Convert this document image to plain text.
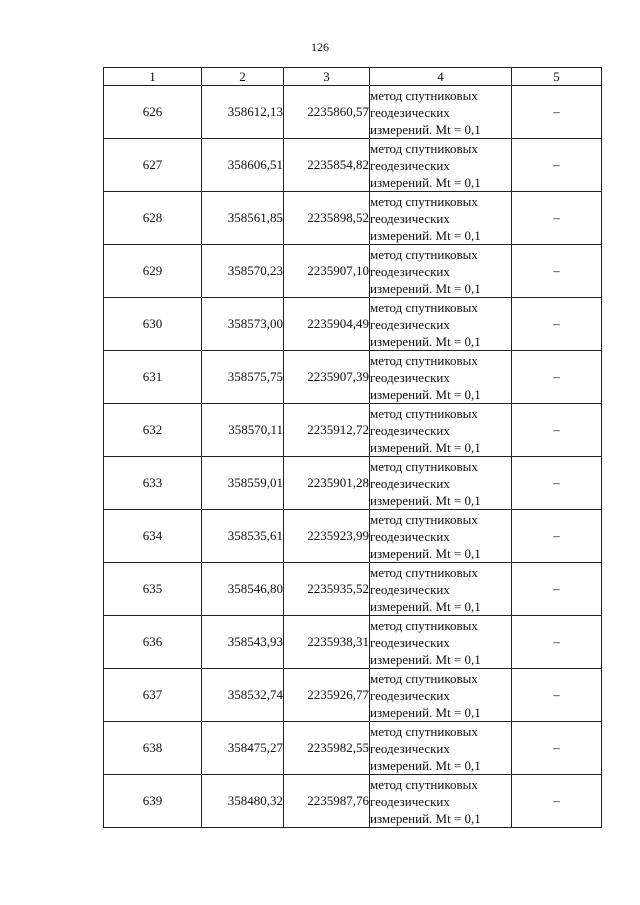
126
1	2	3	4	5
626	358612,13	2235860,57	метод спутниковых
геодезических
измерений. Mt = 0,1	–
627	358606,51	2235854,82	метод спутниковых
геодезических
измерений. Mt = 0,1	–
628	358561,85	2235898,52	метод спутниковых
геодезических
измерений. Mt = 0,1	–
629	358570,23	2235907,10	метод спутниковых
геодезических
измерений. Mt = 0,1	–
630	358573,00	2235904,49	метод спутниковых
геодезических
измерений. Mt = 0,1	–
631	358575,75	2235907,39	метод спутниковых
геодезических
измерений. Mt = 0,1	–
632	358570,11	2235912,72	метод спутниковых
геодезических
измерений. Mt = 0,1	–
633	358559,01	2235901,28	метод спутниковых
геодезических
измерений. Mt = 0,1	–
634	358535,61	2235923,99	метод спутниковых
геодезических
измерений. Mt = 0,1	–
635	358546,80	2235935,52	метод спутниковых
геодезических
измерений. Mt = 0,1	–
636	358543,93	2235938,31	метод спутниковых
геодезических
измерений. Mt = 0,1	–
637	358532,74	2235926,77	метод спутниковых
геодезических
измерений. Mt = 0,1	–
638	358475,27	2235982,55	метод спутниковых
геодезических
измерений. Mt = 0,1	–
639	358480,32	2235987,76	метод спутниковых
геодезических
измерений. Mt = 0,1	–
